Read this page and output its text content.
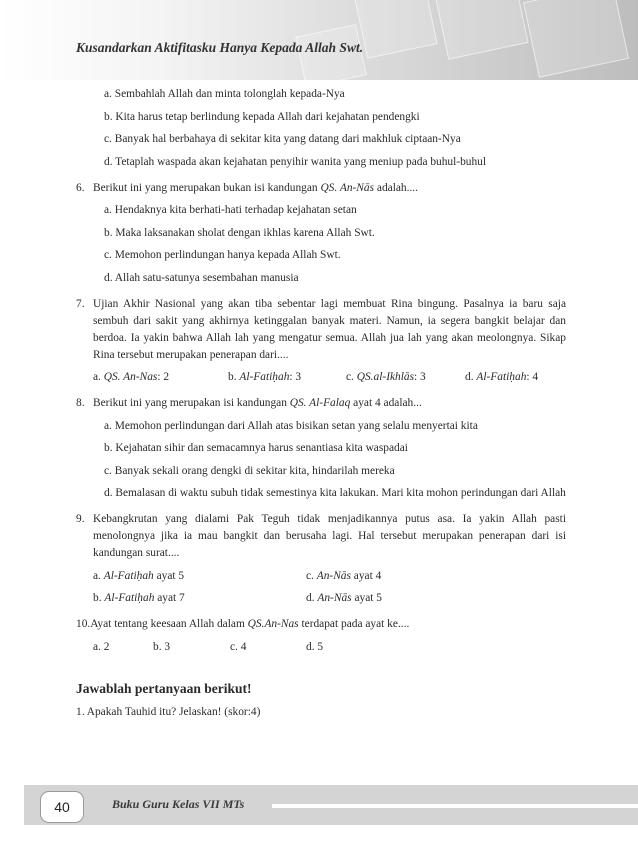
Kusandarkan Aktifitasku Hanya Kepada Allah Swt.

a. Sembahlah Allah dan minta tolonglah kepada-Nya

b. Kita harus tetap berlindung kepada Allah dari kejahatan pendengki

c. Banyak hal berbahaya di sekitar kita yang datang dari makhluk ciptaan-Nya

d. Tetaplah waspada akan kejahatan penyihir wanita yang meniup pada buhul-buhul

6. Berikut ini yang merupakan bukan isi kandungan QS. An-Nās adalah....

a. Hendaknya kita berhati-hati terhadap kejahatan setan

b. Maka laksanakan sholat dengan ikhlas karena Allah Swt.

c. Memohon perlindungan hanya kepada Allah Swt.

d. Allah satu-satunya sesembahan manusia

7. Ujian Akhir Nasional yang akan tiba sebentar lagi membuat Rina bingung. Pasalnya ia baru saja sembuh dari sakit yang akhirnya ketinggalan banyak materi. Namun, ia segera bangkit belajar dan berdoa. Ia yakin bahwa Allah lah yang mengatur semua. Allah jua lah yang akan meolongnya. Sikap Rina tersebut merupakan penerapan dari....

a. QS. An-Nas: 2	b. Al-Fatiḥah: 3	c. QS.al-Ikhlās: 3	d. Al-Fatiḥah: 4

8. Berikut ini yang merupakan isi kandungan QS. Al-Falaq ayat 4 adalah...

a. Memohon perlindungan dari Allah atas bisikan setan yang selalu menyertai kita

b. Kejahatan sihir dan semacamnya harus senantiasa kita waspadai

c. Banyak sekali orang dengki di sekitar kita, hindarilah mereka

d. Bemalasan di waktu subuh tidak semestinya kita lakukan. Mari kita mohon perindungan dari Allah

9. Kebangkrutan yang dialami Pak Teguh tidak menjadikannya putus asa. Ia yakin Allah pasti menolongnya jika ia mau bangkit dan berusaha lagi. Hal tersebut merupakan penerapan dari isi kandungan surat....

a. Al-Fatiḥah ayat 5	c. An-Nās ayat 4
b. Al-Fatiḥah ayat 7	d. An-Nās ayat 5

10.Ayat tentang keesaan Allah dalam QS.An-Nas terdapat pada ayat ke....

a. 2	b. 3	c. 4	d. 5

Jawablah pertanyaan berikut!

1. Apakah Tauhid itu? Jelaskan! (skor:4)

40	Buku Guru Kelas VII MTs
